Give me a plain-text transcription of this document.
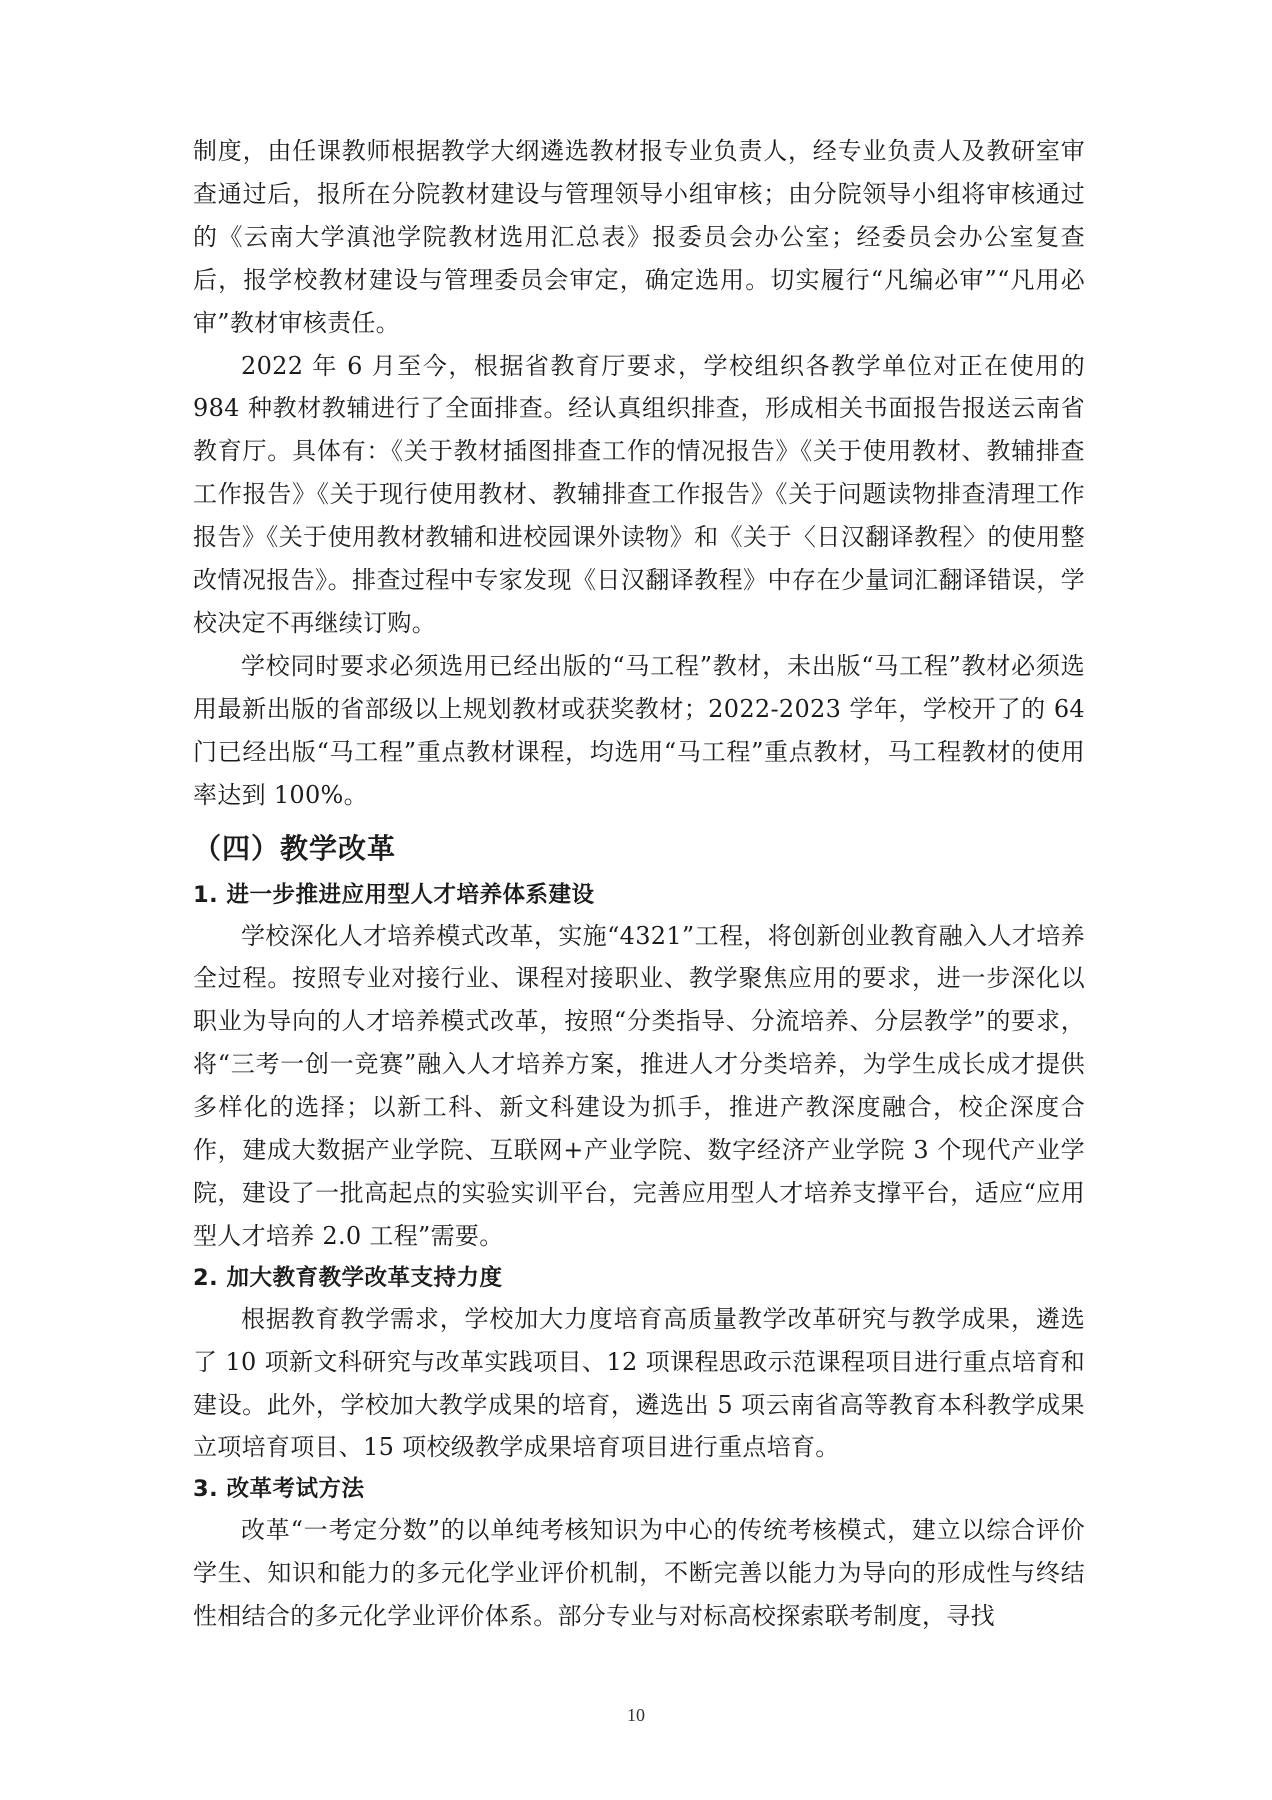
制度，由任课教师根据教学大纲遴选教材报专业负责人，经专业负责人及教研室审查通过后，报所在分院教材建设与管理领导小组审核；由分院领导小组将审核通过的《云南大学滇池学院教材选用汇总表》报委员会办公室；经委员会办公室复查后，报学校教材建设与管理委员会审定，确定选用。切实履行“凡编必审”“凡用必审”教材审核责任。

2022 年 6 月至今，根据省教育厅要求，学校组织各教学单位对正在使用的984 种教材教辅进行了全面排查。经认真组织排查，形成相关书面报告报送云南省教育厅。具体有：《关于教材插图排查工作的情况报告》《关于使用教材、教辅排查工作报告》《关于现行使用教材、教辅排查工作报告》《关于问题读物排查清理工作报告》《关于使用教材教辅和进校园课外读物》和《关于〈日汉翻译教程〉的使用整改情况报告》。排查过程中专家发现《日汉翻译教程》中存在少量词汇翻译错误，学校决定不再继续订购。

学校同时要求必须选用已经出版的“马工程”教材，未出版“马工程”教材必须选用最新出版的省部级以上规划教材或获奖教材；2022-2023 学年，学校开了的 64 门已经出版“马工程”重点教材课程，均选用“马工程”重点教材，马工程教材的使用率达到 100%。

（四）教学改革
1. 进一步推进应用型人才培养体系建设

学校深化人才培养模式改革，实施“4321”工程，将创新创业教育融入人才培养全过程。按照专业对接行业、课程对接职业、教学聚焦应用的要求，进一步深化以职业为导向的人才培养模式改革，按照“分类指导、分流培养、分层教学”的要求，将“三考一创一竞赛”融入人才培养方案，推进人才分类培养，为学生成长成才提供多样化的选择；以新工科、新文科建设为抓手，推进产教深度融合，校企深度合作，建成大数据产业学院、互联网+产业学院、数字经济产业学院 3 个现代产业学院，建设了一批高起点的实验实训平台，完善应用型人才培养支撑平台，适应“应用型人才培养 2.0 工程”需要。

2. 加大教育教学改革支持力度

根据教育教学需求，学校加大力度培育高质量教学改革研究与教学成果，遴选了 10 项新文科研究与改革实践项目、12 项课程思政示范课程项目进行重点培育和建设。此外，学校加大教学成果的培育，遴选出 5 项云南省高等教育本科教学成果立项培育项目、15 项校级教学成果培育项目进行重点培育。

3. 改革考试方法

改革“一考定分数”的以单纯考核知识为中心的传统考核模式，建立以综合评价学生、知识和能力的多元化学业评价机制，不断完善以能力为导向的形成性与终结性相结合的多元化学业评价体系。部分专业与对标高校探索联考制度，寻找

10
